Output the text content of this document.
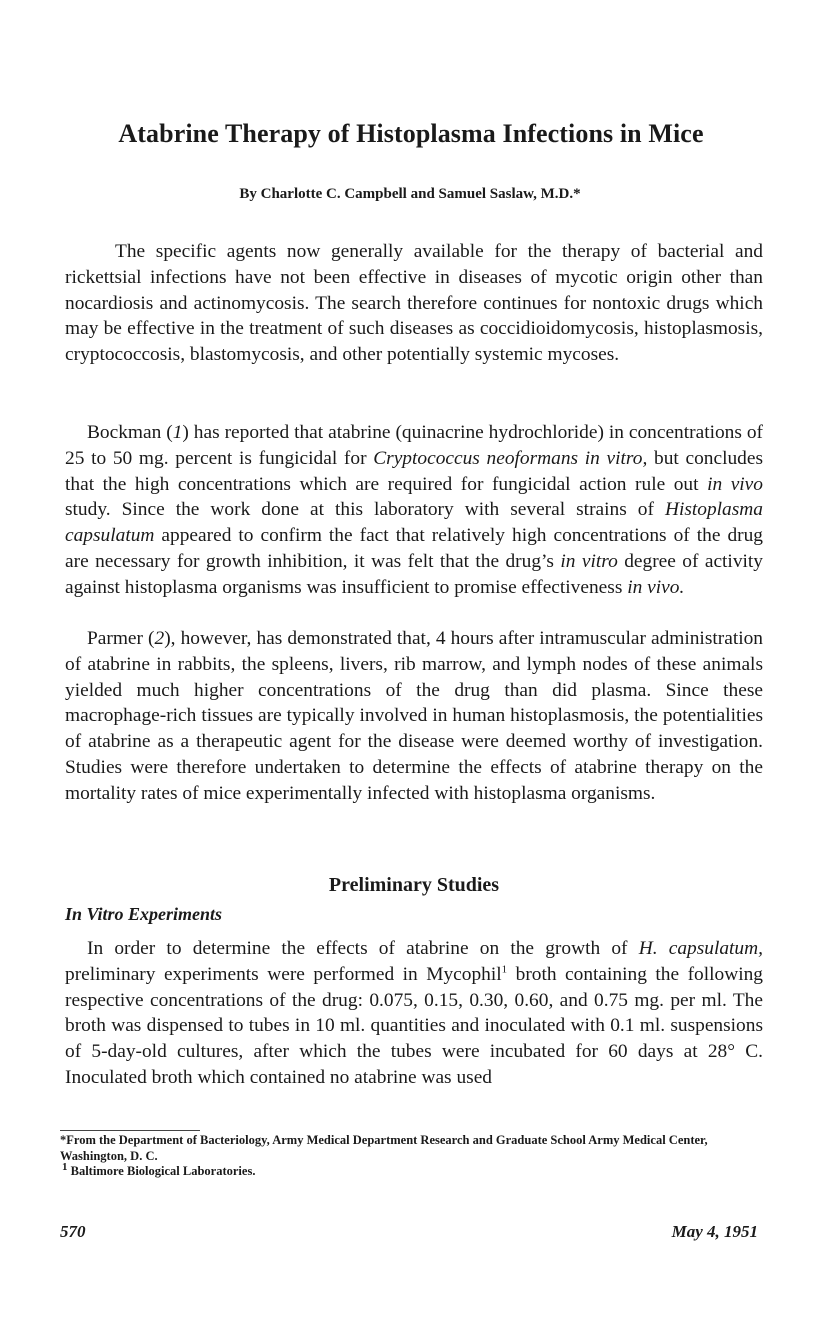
Atabrine Therapy of Histoplasma Infections in Mice

By Charlotte C. Campbell and Samuel Saslaw, M.D.*

The specific agents now generally available for the therapy of bacterial and rickettsial infections have not been effective in diseases of mycotic origin other than nocardiosis and actinomycosis. The search therefore continues for nontoxic drugs which may be effective in the treatment of such diseases as coccidioidomycosis, histoplasmosis, cryptococcosis, blastomycosis, and other potentially systemic mycoses.

Bockman (1) has reported that atabrine (quinacrine hydrochloride) in concentrations of 25 to 50 mg. percent is fungicidal for Cryptococcus neoformans in vitro, but concludes that the high concentrations which are required for fungicidal action rule out in vivo study. Since the work done at this laboratory with several strains of Histoplasma capsulatum appeared to confirm the fact that relatively high concentrations of the drug are necessary for growth inhibition, it was felt that the drug’s in vitro degree of activity against histoplasma organisms was insufficient to promise effectiveness in vivo.

Parmer (2), however, has demonstrated that, 4 hours after intramuscular administration of atabrine in rabbits, the spleens, livers, rib marrow, and lymph nodes of these animals yielded much higher concentrations of the drug than did plasma. Since these macrophage-rich tissues are typically involved in human histoplasmosis, the potentialities of atabrine as a therapeutic agent for the disease were deemed worthy of investigation. Studies were therefore undertaken to determine the effects of atabrine therapy on the mortality rates of mice experimentally infected with histoplasma organisms.

Preliminary Studies
In Vitro Experiments

In order to determine the effects of atabrine on the growth of H. capsulatum, preliminary experiments were performed in Mycophil$^1$ broth containing the following respective concentrations of the drug: 0.075, 0.15, 0.30, 0.60, and 0.75 mg. per ml. The broth was dispensed to tubes in 10 ml. quantities and inoculated with 0.1 ml. suspensions of 5-day-old cultures, after which the tubes were incubated for 60 days at 28° C. Inoculated broth which contained no atabrine was used

*From the Department of Bacteriology, Army Medical Department Research and Graduate School Army Medical Center, Washington, D. C.

$^1$ Baltimore Biological Laboratories.

570	May 4, 1951
